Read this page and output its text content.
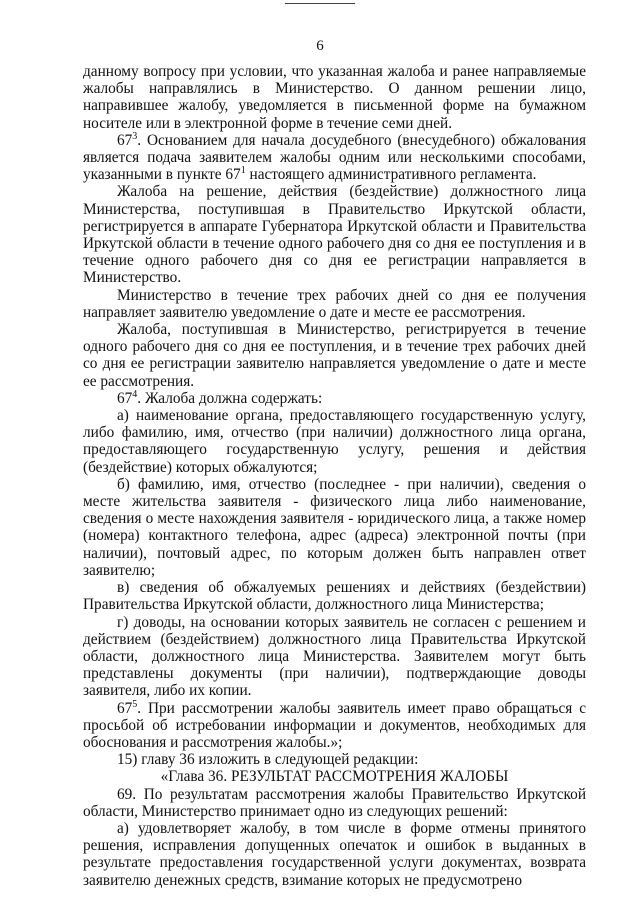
6

данному вопросу при условии, что указанная жалоба и ранее направляемые жалобы направлялись в Министерство. О данном решении лицо, направившее жалобу, уведомляется в письменной форме на бумажном носителе или в электронной форме в течение семи дней.

$67^3$. Основанием для начала досудебного (внесудебного) обжалования является подача заявителем жалобы одним или несколькими способами, указанными в пункте $67^1$ настоящего административного регламента.

Жалоба на решение, действия (бездействие) должностного лица Министерства, поступившая в Правительство Иркутской области, регистрируется в аппарате Губернатора Иркутской области и Правительства Иркутской области в течение одного рабочего дня со дня ее поступления и в течение одного рабочего дня со дня ее регистрации направляется в Министерство.

Министерство в течение трех рабочих дней со дня ее получения направляет заявителю уведомление о дате и месте ее рассмотрения.

Жалоба, поступившая в Министерство, регистрируется в течение одного рабочего дня со дня ее поступления, и в течение трех рабочих дней со дня ее регистрации заявителю направляется уведомление о дате и месте ее рассмотрения.

$67^4$. Жалоба должна содержать:

а) наименование органа, предоставляющего государственную услугу, либо фамилию, имя, отчество (при наличии) должностного лица органа, предоставляющего государственную услугу, решения и действия (бездействие) которых обжалуются;

б) фамилию, имя, отчество (последнее - при наличии), сведения о месте жительства заявителя - физического лица либо наименование, сведения о месте нахождения заявителя - юридического лица, а также номер (номера) контактного телефона, адрес (адреса) электронной почты (при наличии), почтовый адрес, по которым должен быть направлен ответ заявителю;

в) сведения об обжалуемых решениях и действиях (бездействии) Правительства Иркутской области, должностного лица Министерства;

г) доводы, на основании которых заявитель не согласен с решением и действием (бездействием) должностного лица Правительства Иркутской области, должностного лица Министерства. Заявителем могут быть представлены документы (при наличии), подтверждающие доводы заявителя, либо их копии.

$67^5$. При рассмотрении жалобы заявитель имеет право обращаться с просьбой об истребовании информации и документов, необходимых для обоснования и рассмотрения жалобы.»;

15) главу 36 изложить в следующей редакции:

«Глава 36. РЕЗУЛЬТАТ РАССМОТРЕНИЯ ЖАЛОБЫ

69. По результатам рассмотрения жалобы Правительство Иркутской области, Министерство принимает одно из следующих решений:

а) удовлетворяет жалобу, в том числе в форме отмены принятого решения, исправления допущенных опечаток и ошибок в выданных в результате предоставления государственной услуги документах, возврата заявителю денежных средств, взимание которых не предусмотрено
